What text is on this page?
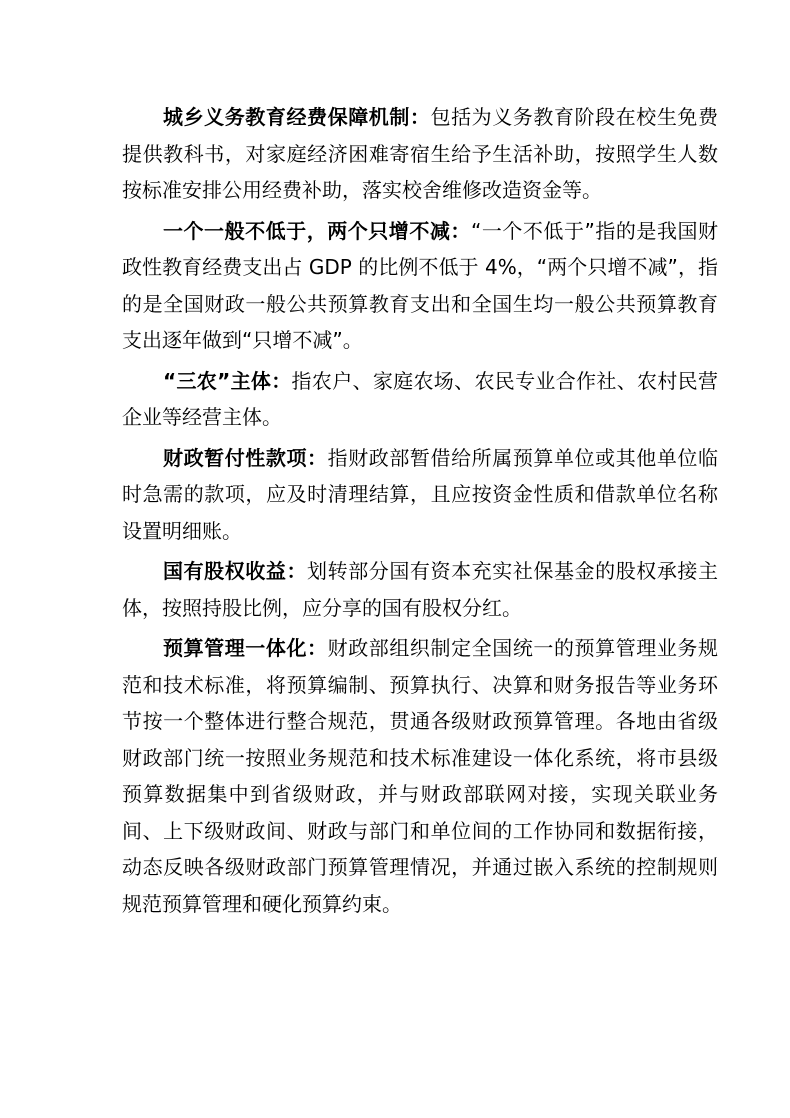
城乡义务教育经费保障机制：包括为义务教育阶段在校生免费提供教科书，对家庭经济困难寄宿生给予生活补助，按照学生人数按标准安排公用经费补助，落实校舍维修改造资金等。

一个一般不低于，两个只增不减：“一个不低于”指的是我国财政性教育经费支出占 GDP 的比例不低于 4%，“两个只增不减”，指的是全国财政一般公共预算教育支出和全国生均一般公共预算教育支出逐年做到“只增不减”。

“三农”主体：指农户、家庭农场、农民专业合作社、农村民营企业等经营主体。

财政暂付性款项：指财政部暂借给所属预算单位或其他单位临时急需的款项，应及时清理结算，且应按资金性质和借款单位名称设置明细账。

国有股权收益：划转部分国有资本充实社保基金的股权承接主体，按照持股比例，应分享的国有股权分红。

预算管理一体化：财政部组织制定全国统一的预算管理业务规范和技术标准，将预算编制、预算执行、决算和财务报告等业务环节按一个整体进行整合规范，贯通各级财政预算管理。各地由省级财政部门统一按照业务规范和技术标准建设一体化系统，将市县级预算数据集中到省级财政，并与财政部联网对接，实现关联业务间、上下级财政间、财政与部门和单位间的工作协同和数据衔接，动态反映各级财政部门预算管理情况，并通过嵌入系统的控制规则规范预算管理和硬化预算约束。
